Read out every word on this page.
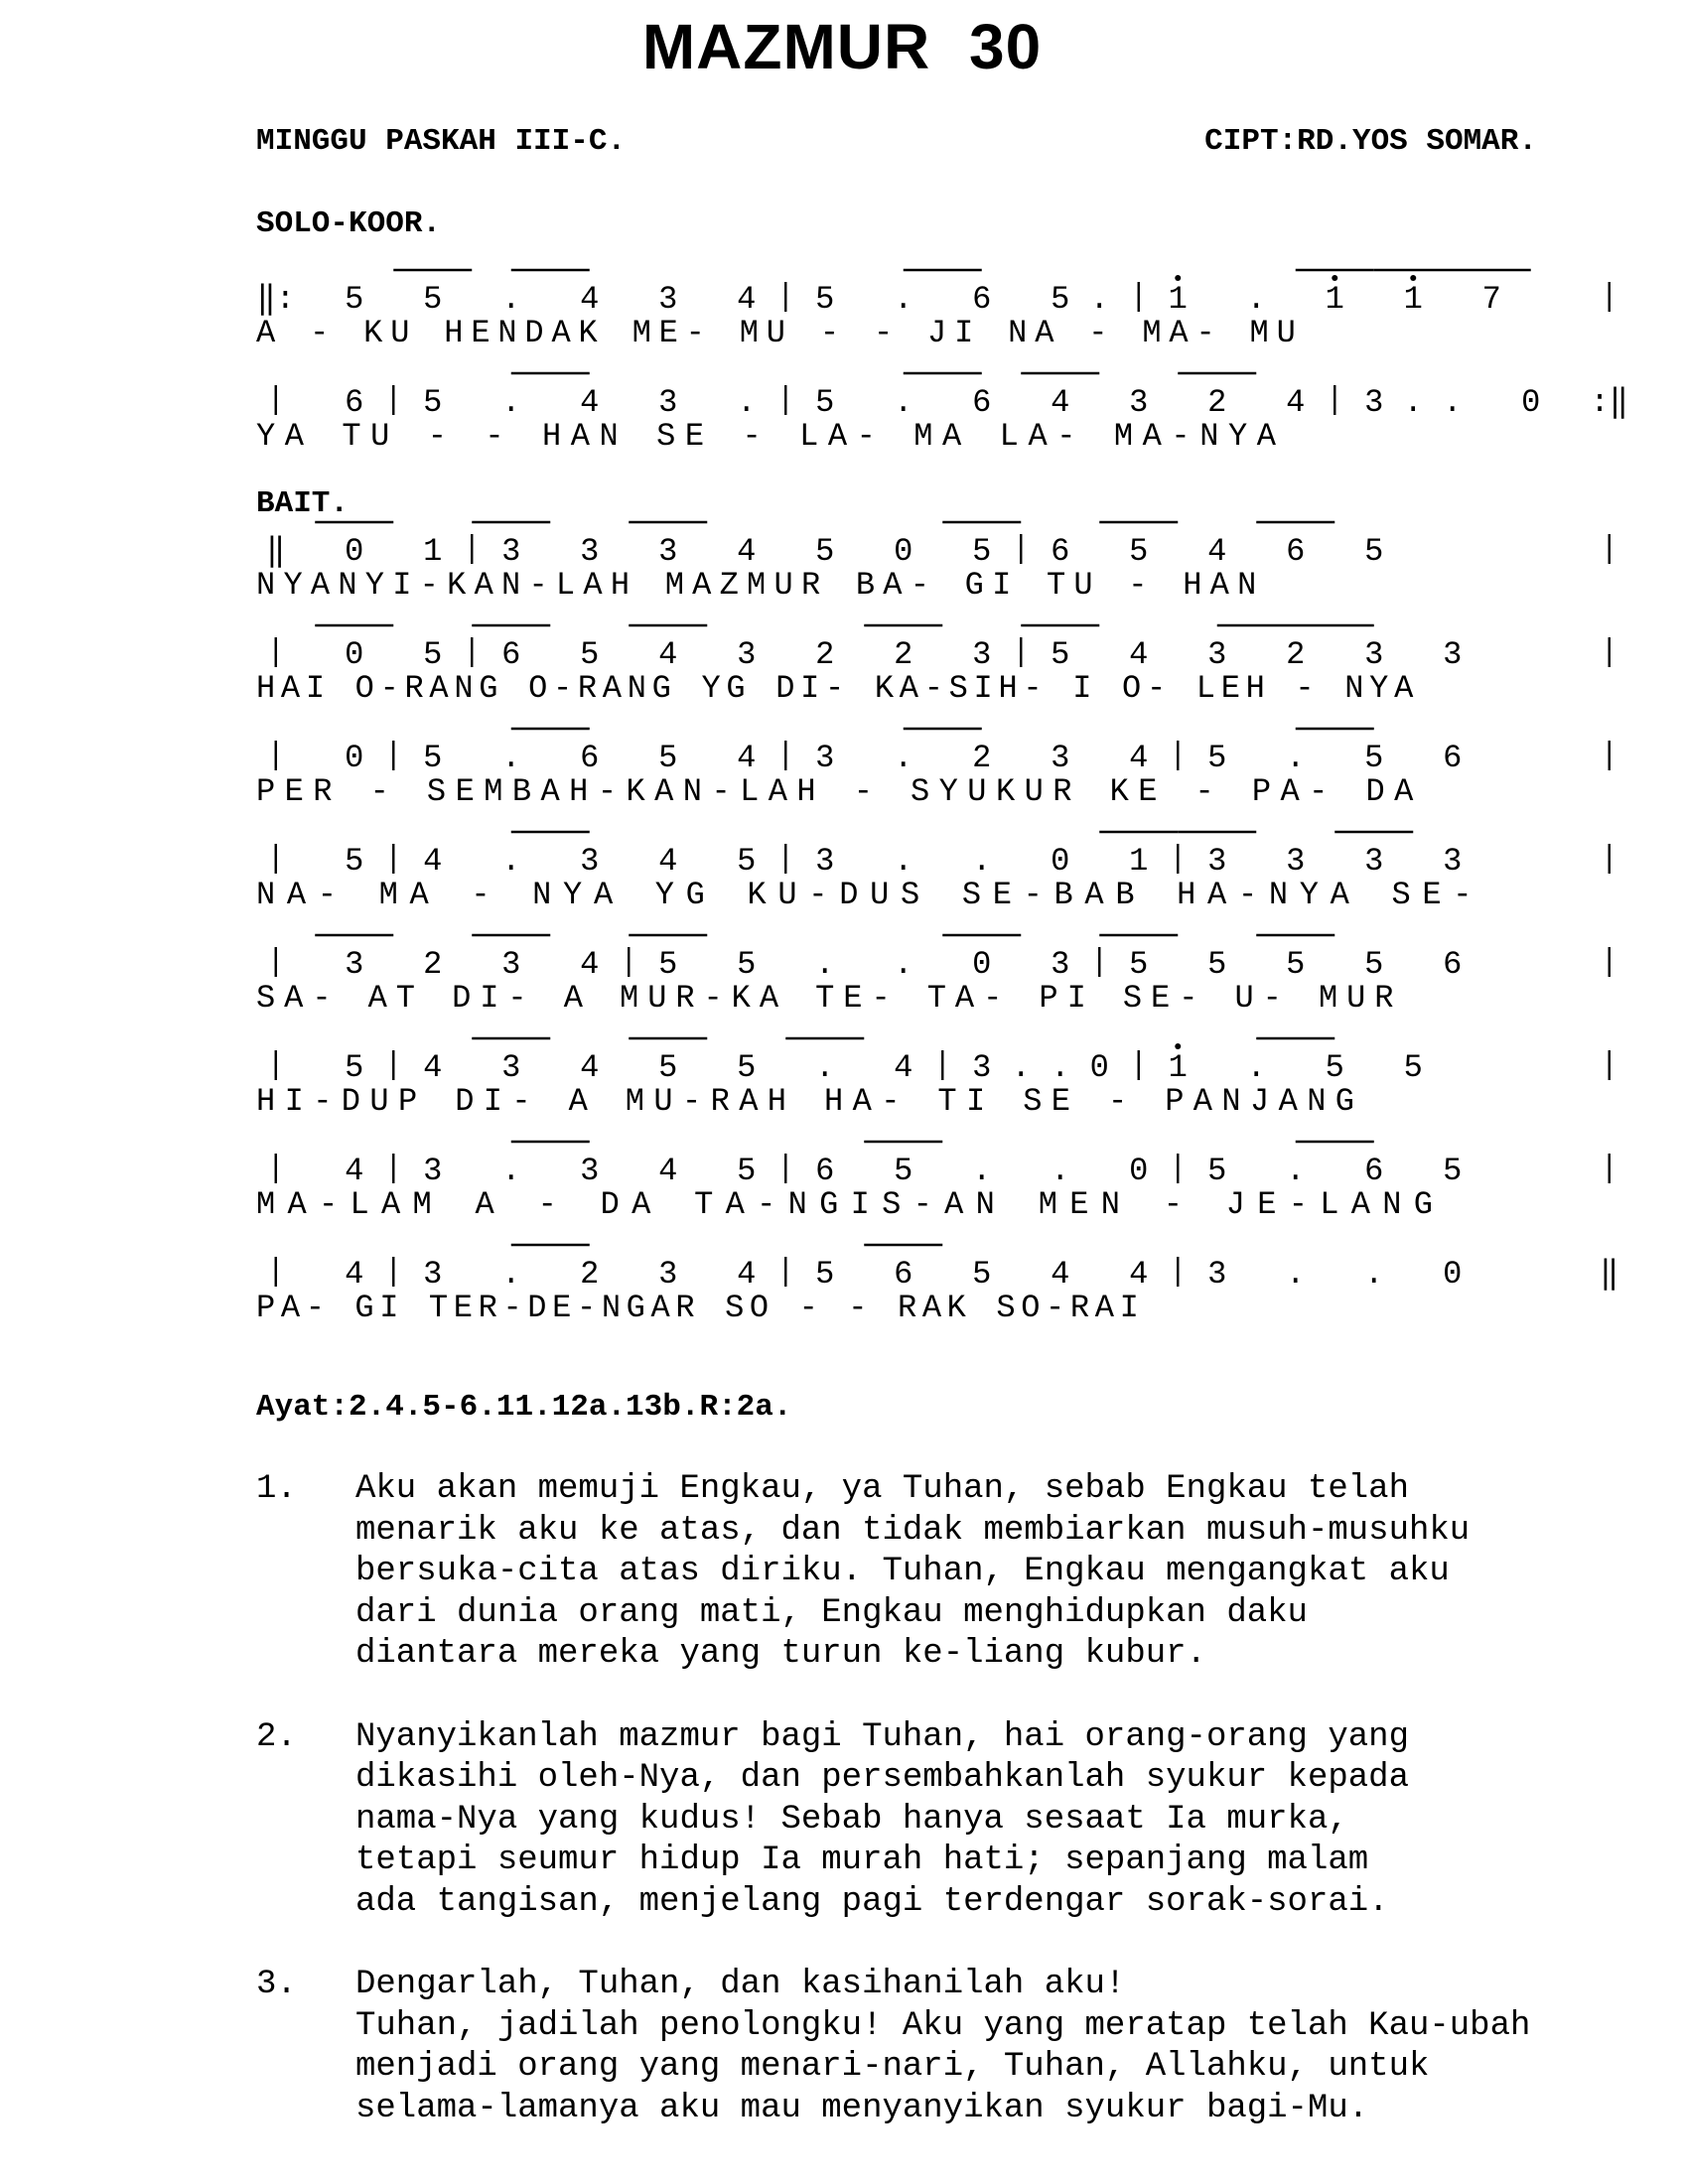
MAZMUR 30
MINGGU PASKAH III-C.	CIPT:RD.YOS SOMAR.
SOLO-KOOR.
BAIT.
‖: 5 5 . 4 3 4 5 . 6 5 . 1 . 1 1 7
A - KU HENDAK ME- MU - - JI NA - MA- MU
6 5 . 4 3 . 5 . 6 4 3 2 4 3 . . 0 :‖
YA TU - - HAN SE - LA- MA LA- MA-NYA
‖ 0 1 3 3 3 4 5 0 5 6 5 4 6 5
NYANYI-KAN-LAH MAZMUR BA- GI TU - HAN
0 5 6 5 4 3 2 2 3 5 4 3 2 3 3
HAI O-RANG O-RANG YG DI- KA-SIH- I O- LEH - NYA
0 5 . 6 5 4 3 . 2 3 4 5 . 5 6
PER - SEMBAH-KAN-LAH - SYUKUR KE - PA- DA
5 4 . 3 4 5 3 . . 0 1 3 3 3 3
NA- MA - NYA YG KU-DUS SE-BAB HA-NYA SE-
3 2 3 4 5 5 . . 0 3 5 5 5 5 6
SA- AT DI- A MUR-KA TE- TA- PI SE- U- MUR
5 4 3 4 5 5 . 4 3 . . 0 1 . 5 5
HI-DUP DI- A MU-RAH HA- TI SE - PANJANG
4 3 . 3 4 5 6 5 . . 0 5 . 6 5
MA-LAM A - DA TA-NGIS-AN MEN - JE-LANG
4 3 . 2 3 4 5 6 5 4 4 3 . . 0	‖
PA- GI TER-DE-NGAR SO - - RAK SO-RAI
Ayat:2.4.5-6.11.12a.13b.R:2a.
1. Aku akan memuji Engkau, ya Tuhan, sebab Engkau telah
menarik aku ke atas, dan tidak membiarkan musuh-musuhku
bersuka-cita atas diriku. Tuhan, Engkau mengangkat aku
dari dunia orang mati, Engkau menghidupkan daku
diantara mereka yang turun ke-liang kubur.
2. Nyanyikanlah mazmur bagi Tuhan, hai orang-orang yang
dikasihi oleh-Nya, dan persembahkanlah syukur kepada
nama-Nya yang kudus! Sebab hanya sesaat Ia murka,
tetapi seumur hidup Ia murah hati; sepanjang malam
ada tangisan, menjelang pagi terdengar sorak-sorai.
3. Dengarlah, Tuhan, dan kasihanilah aku!
Tuhan, jadilah penolongku! Aku yang meratap telah Kau-ubah
menjadi orang yang menari-nari, Tuhan, Allahku, untuk
selama-lamanya aku mau menyanyikan syukur bagi-Mu.
